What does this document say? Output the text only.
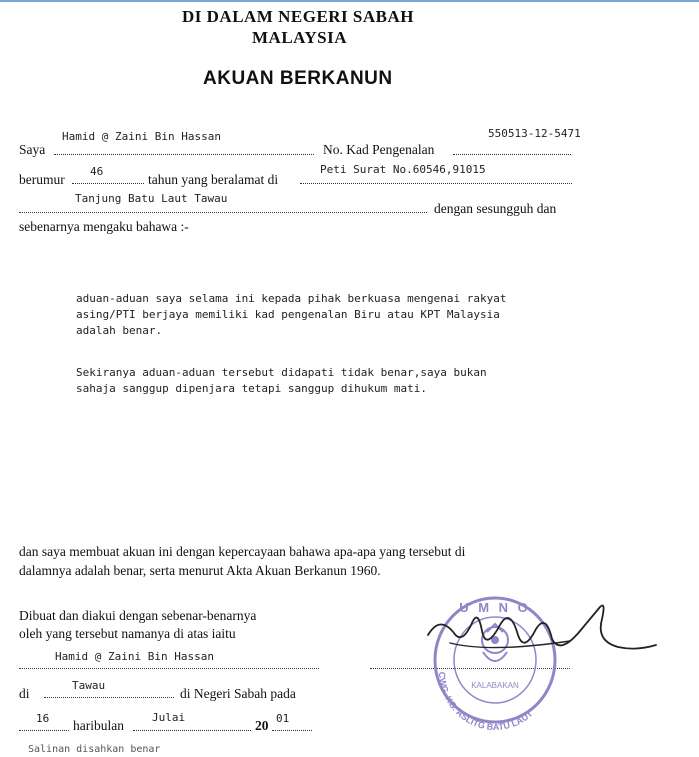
DI DALAM NEGERI SABAH
MALAYSIA
AKUAN BERKANUN
Saya
Hamid @ Zaini Bin Hassan
No. Kad Pengenalan
550513-12-5471
berumur
46
tahun yang beralamat di
Peti Surat No.60546,91015
Tanjung Batu Laut Tawau
dengan sesungguh dan
sebenarnya mengaku bahawa :-

aduan-aduan saya selama ini kepada pihak berkuasa mengenai rakyat
asing/PTI berjaya memiliki kad pengenalan Biru atau KPT Malaysia
adalah benar.

Sekiranya aduan-aduan tersebut didapati tidak benar,saya bukan
sahaja sanggup dipenjara tetapi sanggup dihukum mati.
dan saya membuat akuan ini dengan kepercayaan bahawa apa-apa yang tersebut di
dalamnya adalah benar, serta menurut Akta Akuan Berkanun 1960.
Dibuat dan diakui dengan sebenar-benarnya
oleh yang tersebut namanya di atas iaitu
Hamid @ Zaini Bin Hassan
di
Tawau
di Negeri Sabah pada
16 haribulan
Julai
20 01
Salinan disahkan benar
U M N O
KALABAKAN
CWG. KG. ASLITG BATU LAUT
